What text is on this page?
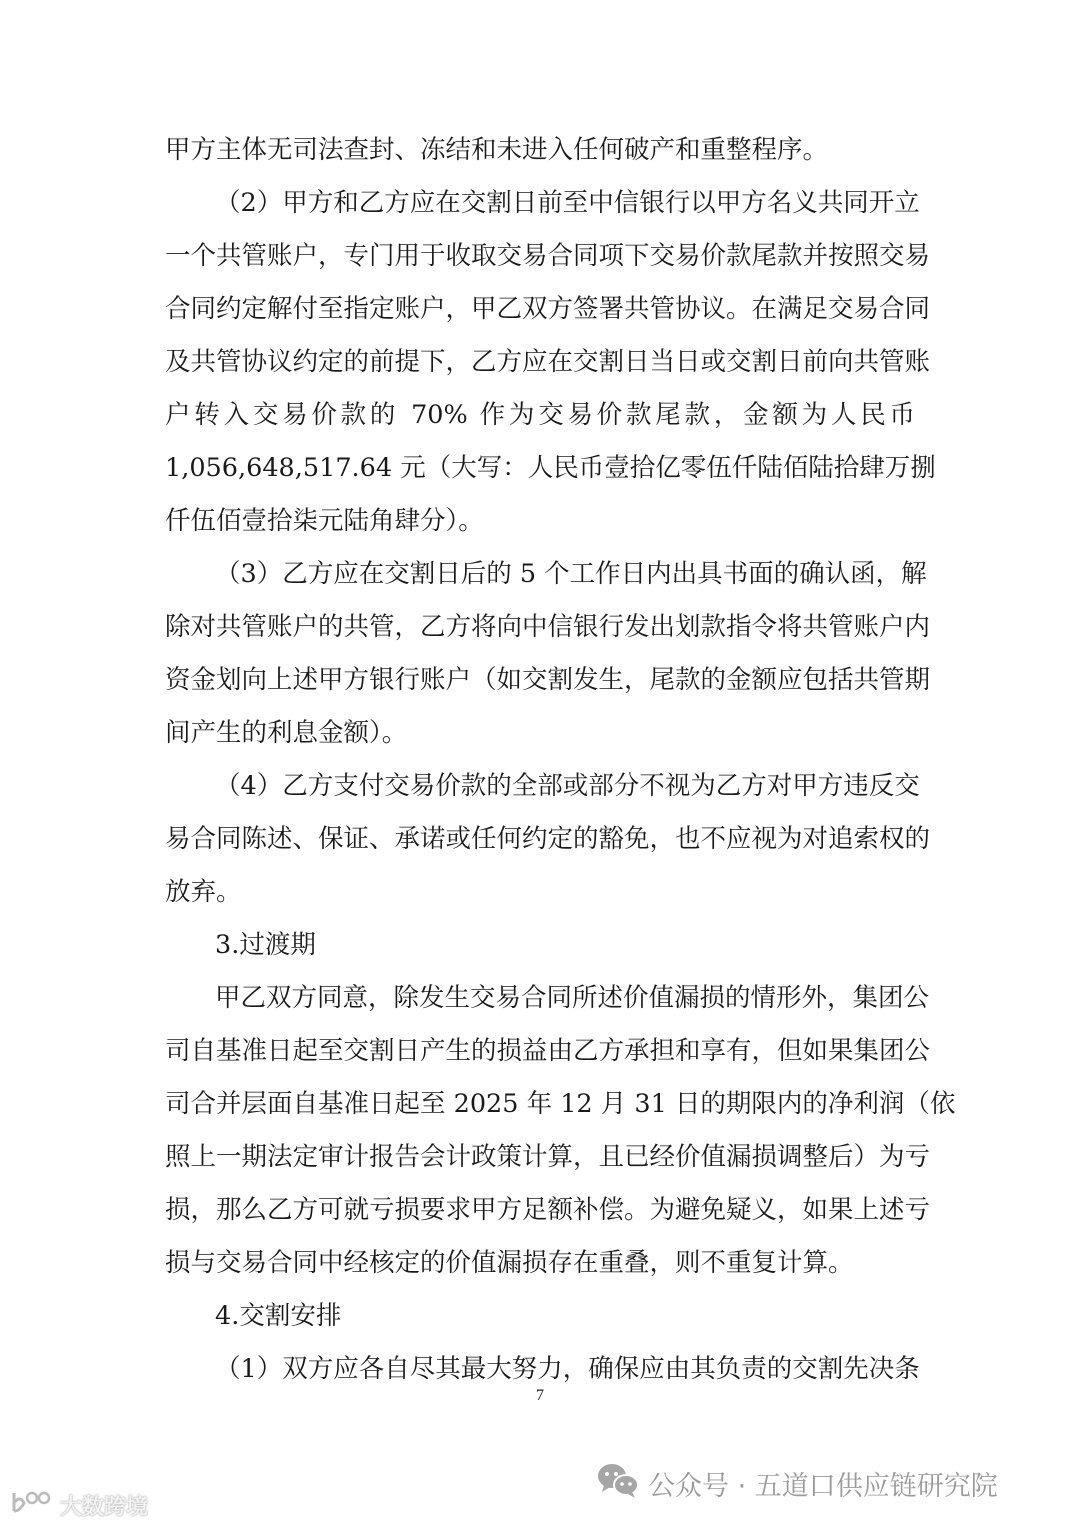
甲方主体无司法查封、冻结和未进入任何破产和重整程序。
（2）甲方和乙方应在交割日前至中信银行以甲方名义共同开立
一个共管账户，专门用于收取交易合同项下交易价款尾款并按照交易
合同约定解付至指定账户，甲乙双方签署共管协议。在满足交易合同
及共管协议约定的前提下，乙方应在交割日当日或交割日前向共管账
户转入交易价款的 70% 作为交易价款尾款，金额为人民币
1,056,648,517.64 元（大写：人民币壹拾亿零伍仟陆佰陆拾肆万捌
仟伍佰壹拾柒元陆角肆分）。
（3）乙方应在交割日后的 5 个工作日内出具书面的确认函，解
除对共管账户的共管，乙方将向中信银行发出划款指令将共管账户内
资金划向上述甲方银行账户（如交割发生，尾款的金额应包括共管期
间产生的利息金额）。
（4）乙方支付交易价款的全部或部分不视为乙方对甲方违反交
易合同陈述、保证、承诺或任何约定的豁免，也不应视为对追索权的
放弃。
3.过渡期
甲乙双方同意，除发生交易合同所述价值漏损的情形外，集团公
司自基准日起至交割日产生的损益由乙方承担和享有，但如果集团公
司合并层面自基准日起至 2025 年 12 月 31 日的期限内的净利润（依
照上一期法定审计报告会计政策计算，且已经价值漏损调整后）为亏
损，那么乙方可就亏损要求甲方足额补偿。为避免疑义，如果上述亏
损与交易合同中经核定的价值漏损存在重叠，则不重复计算。
4.交割安排
（1）双方应各自尽其最大努力，确保应由其负责的交割先决条
7
公众号 · 五道口供应链研究院
大数跨境
